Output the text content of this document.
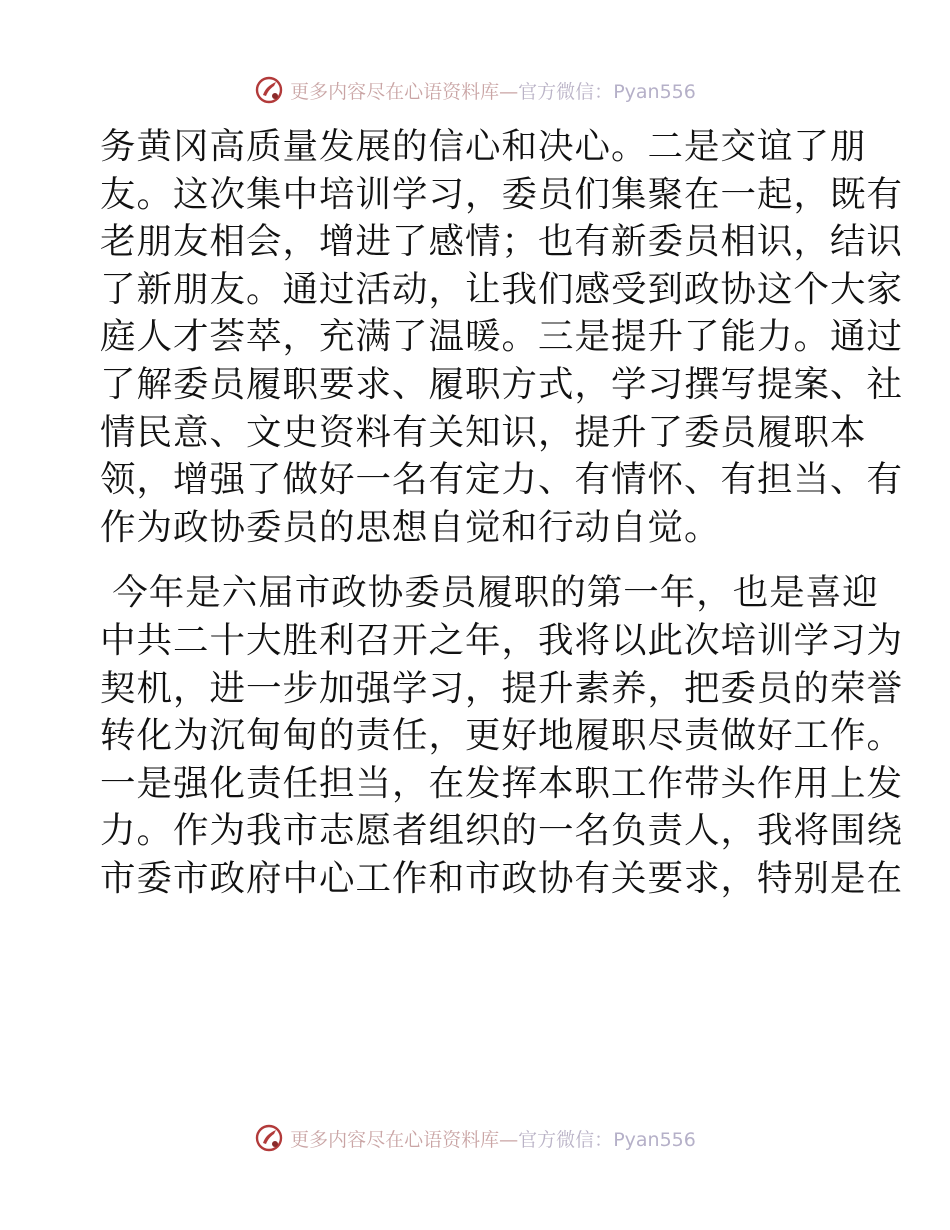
更多内容尽在心语资料库—官方微信：Pyan556

务黄冈高质量发展的信心和决心。二是交谊了朋
友。这次集中培训学习，委员们集聚在一起，既有
老朋友相会，增进了感情；也有新委员相识，结识
了新朋友。通过活动，让我们感受到政协这个大家
庭人才荟萃，充满了温暖。三是提升了能力。通过
了解委员履职要求、履职方式，学习撰写提案、社
情民意、文史资料有关知识，提升了委员履职本
领，增强了做好一名有定力、有情怀、有担当、有
作为政协委员的思想自觉和行动自觉。

今年是六届市政协委员履职的第一年，也是喜迎
中共二十大胜利召开之年，我将以此次培训学习为
契机，进一步加强学习，提升素养，把委员的荣誉
转化为沉甸甸的责任，更好地履职尽责做好工作。
一是强化责任担当，在发挥本职工作带头作用上发
力。作为我市志愿者组织的一名负责人，我将围绕
市委市政府中心工作和市政协有关要求，特别是在

更多内容尽在心语资料库—官方微信：Pyan556
